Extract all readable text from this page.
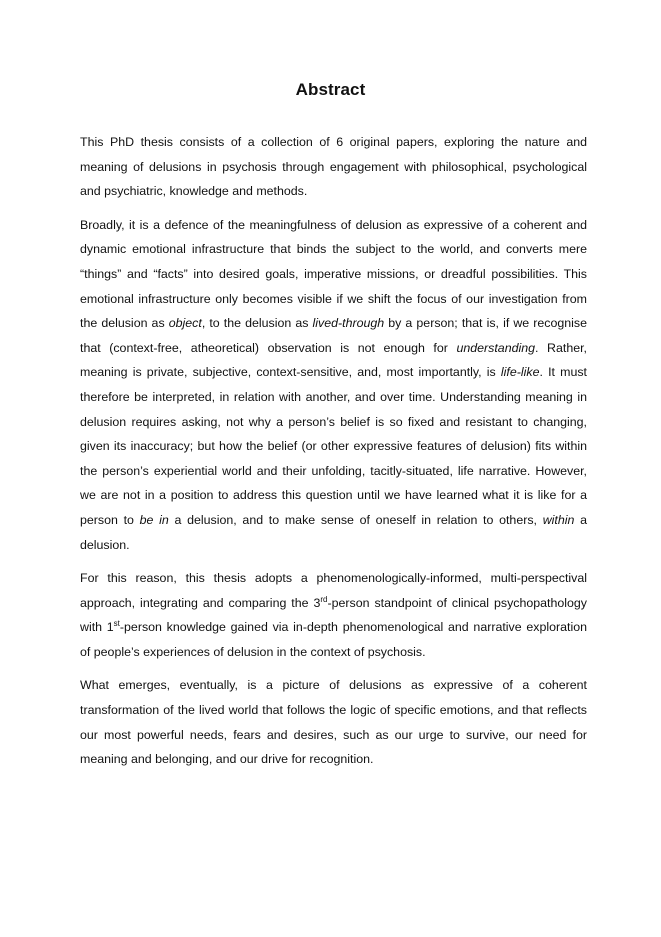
Abstract

This PhD thesis consists of a collection of 6 original papers, exploring the nature and meaning of delusions in psychosis through engagement with philosophical, psychological and psychiatric, knowledge and methods.

Broadly, it is a defence of the meaningfulness of delusion as expressive of a coherent and dynamic emotional infrastructure that binds the subject to the world, and converts mere “things” and “facts” into desired goals, imperative missions, or dreadful possibilities. This emotional infrastructure only becomes visible if we shift the focus of our investigation from the delusion as object, to the delusion as lived-through by a person; that is, if we recognise that (context-free, atheoretical) observation is not enough for understanding. Rather, meaning is private, subjective, context-sensitive, and, most importantly, is life-like. It must therefore be interpreted, in relation with another, and over time. Understanding meaning in delusion requires asking, not why a person’s belief is so fixed and resistant to changing, given its inaccuracy; but how the belief (or other expressive features of delusion) fits within the person’s experiential world and their unfolding, tacitly-situated, life narrative. However, we are not in a position to address this question until we have learned what it is like for a person to be in a delusion, and to make sense of oneself in relation to others, within a delusion.

For this reason, this thesis adopts a phenomenologically-informed, multi-perspectival approach, integrating and comparing the 3rd-person standpoint of clinical psychopathology with 1st-person knowledge gained via in-depth phenomenological and narrative exploration of people’s experiences of delusion in the context of psychosis.

What emerges, eventually, is a picture of delusions as expressive of a coherent transformation of the lived world that follows the logic of specific emotions, and that reflects our most powerful needs, fears and desires, such as our urge to survive, our need for meaning and belonging, and our drive for recognition.
